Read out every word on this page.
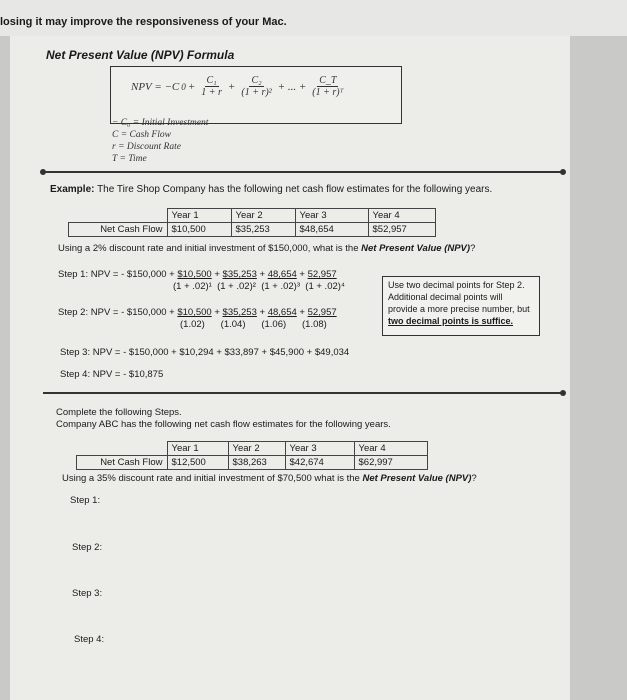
losing it may improve the responsiveness of your Mac.
Net Present Value (NPV) Formula
NPV = −C $0 + \frac{\text{C₁}}{1 + r} + \frac{\text{C₂}}{\text{(1 + r)²}}$ + ... + $\frac{C\_T}{\text{(1 + r)ᵀ}}$
− C₀ = Initial Investment
C = Cash Flow
r = Discount Rate
T = Time
Example: The Tire Shop Company has the following net cash flow estimates for the following years.
	Year 1	Year 2	Year 3	Year 4
Net Cash Flow	$10,500	$35,253	$48,654	$52,957
Using a 2% discount rate and initial investment of $150,000, what is the Net Present Value (NPV)?
Step 1: NPV = - $150,000 + $10,500 + $35,253 + 48,654 + 52,957
(1 + .02)¹ (1 + .02)² (1 + .02)³ (1 + .02)⁴	Use two decimal points for Step 2. Additional decimal points will provide a more precise number, but two decimal points is suffice.
Step 2: NPV = - $150,000 + $10,500 + $35,253 + 48,654 + 52,957
(1.02) (1.04) (1.06) (1.08)
Step 3: NPV = - $150,000 + $10,294 + $33,897 + $45,900 + $49,034
Step 4: NPV = - $10,875
Complete the following Steps.
Company ABC has the following net cash flow estimates for the following years.
	Year 1	Year 2	Year 3	Year 4
Net Cash Flow	$12,500	$38,263	$42,674	$62,997
Using a 35% discount rate and initial investment of $70,500 what is the Net Present Value (NPV)?
Step 1:
Step 2:
Step 3:
Step 4:
